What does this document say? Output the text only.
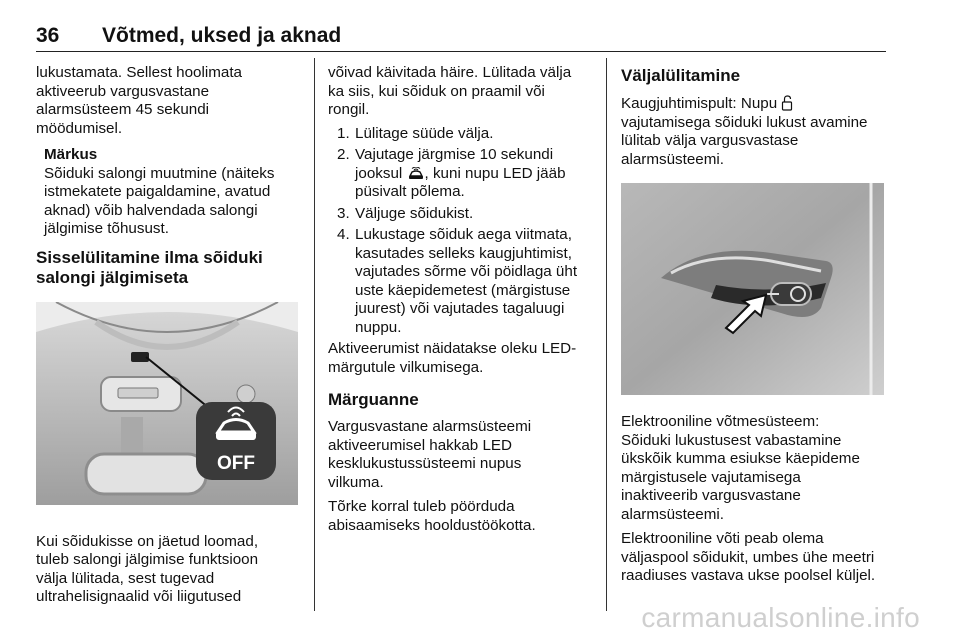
36 Võtmed, uksed ja aknad

lukustamata. Sellest hoolimata
aktiveerub vargusvastane
alarmsüsteem 45 sekundi
möödumisel.

Märkus
Sõiduki salongi muutmine (näiteks
istmekatete paigaldamine, avatud
aknad) võib halvendada salongi
jälgimise tõhusust.
Sisselülitamine ilma sõiduki
salongi jälgimiseta
OFF

Kui sõidukisse on jäetud loomad,
tuleb salongi jälgimise funktsioon
välja lülitada, sest tugevad
ultrahelisignaalid või liigutused

võivad käivitada häire. Lülitada välja
ka siis, kui sõiduk on praamil või
rongil.

1. Lülitage süüde välja.
2. Vajutage järgmise 10 sekundi
jooksul , kuni nupu LED jääb
püsivalt põlema.
3. Väljuge sõidukist.
4. Lukustage sõiduk aega viitmata,
kasutades selleks kaugjuhtimist,
vajutades sõrme või pöidlaga üht
uste käepidemetest (märgistuse
juurest) või vajutades tagaluugi
nuppu.

Aktiveerumist näidatakse oleku LED-
märgutule vilkumisega.

Märguanne

Vargusvastane alarmsüsteemi
aktiveerumisel hakkab LED
kesklukustussüsteemi nupus
vilkuma.

Tõrke korral tuleb pöörduda
abisaamiseks hooldustöökotta.

Väljalülitamine

Kaugjuhtimispult: Nupu
vajutamisega sõiduki lukust avamine
lülitab välja vargusvastase
alarmsüsteemi.

Elektrooniline võtmesüsteem:
Sõiduki lukustusest vabastamine
ükskõik kumma esiukse käepideme
märgistusele vajutamisega
inaktiveerib vargusvastane
alarmsüsteemi.

Elektrooniline võti peab olema
väljaspool sõidukit, umbes ühe meetri
raadiuses vastava ukse poolsel küljel.

carmanualsonline.info
